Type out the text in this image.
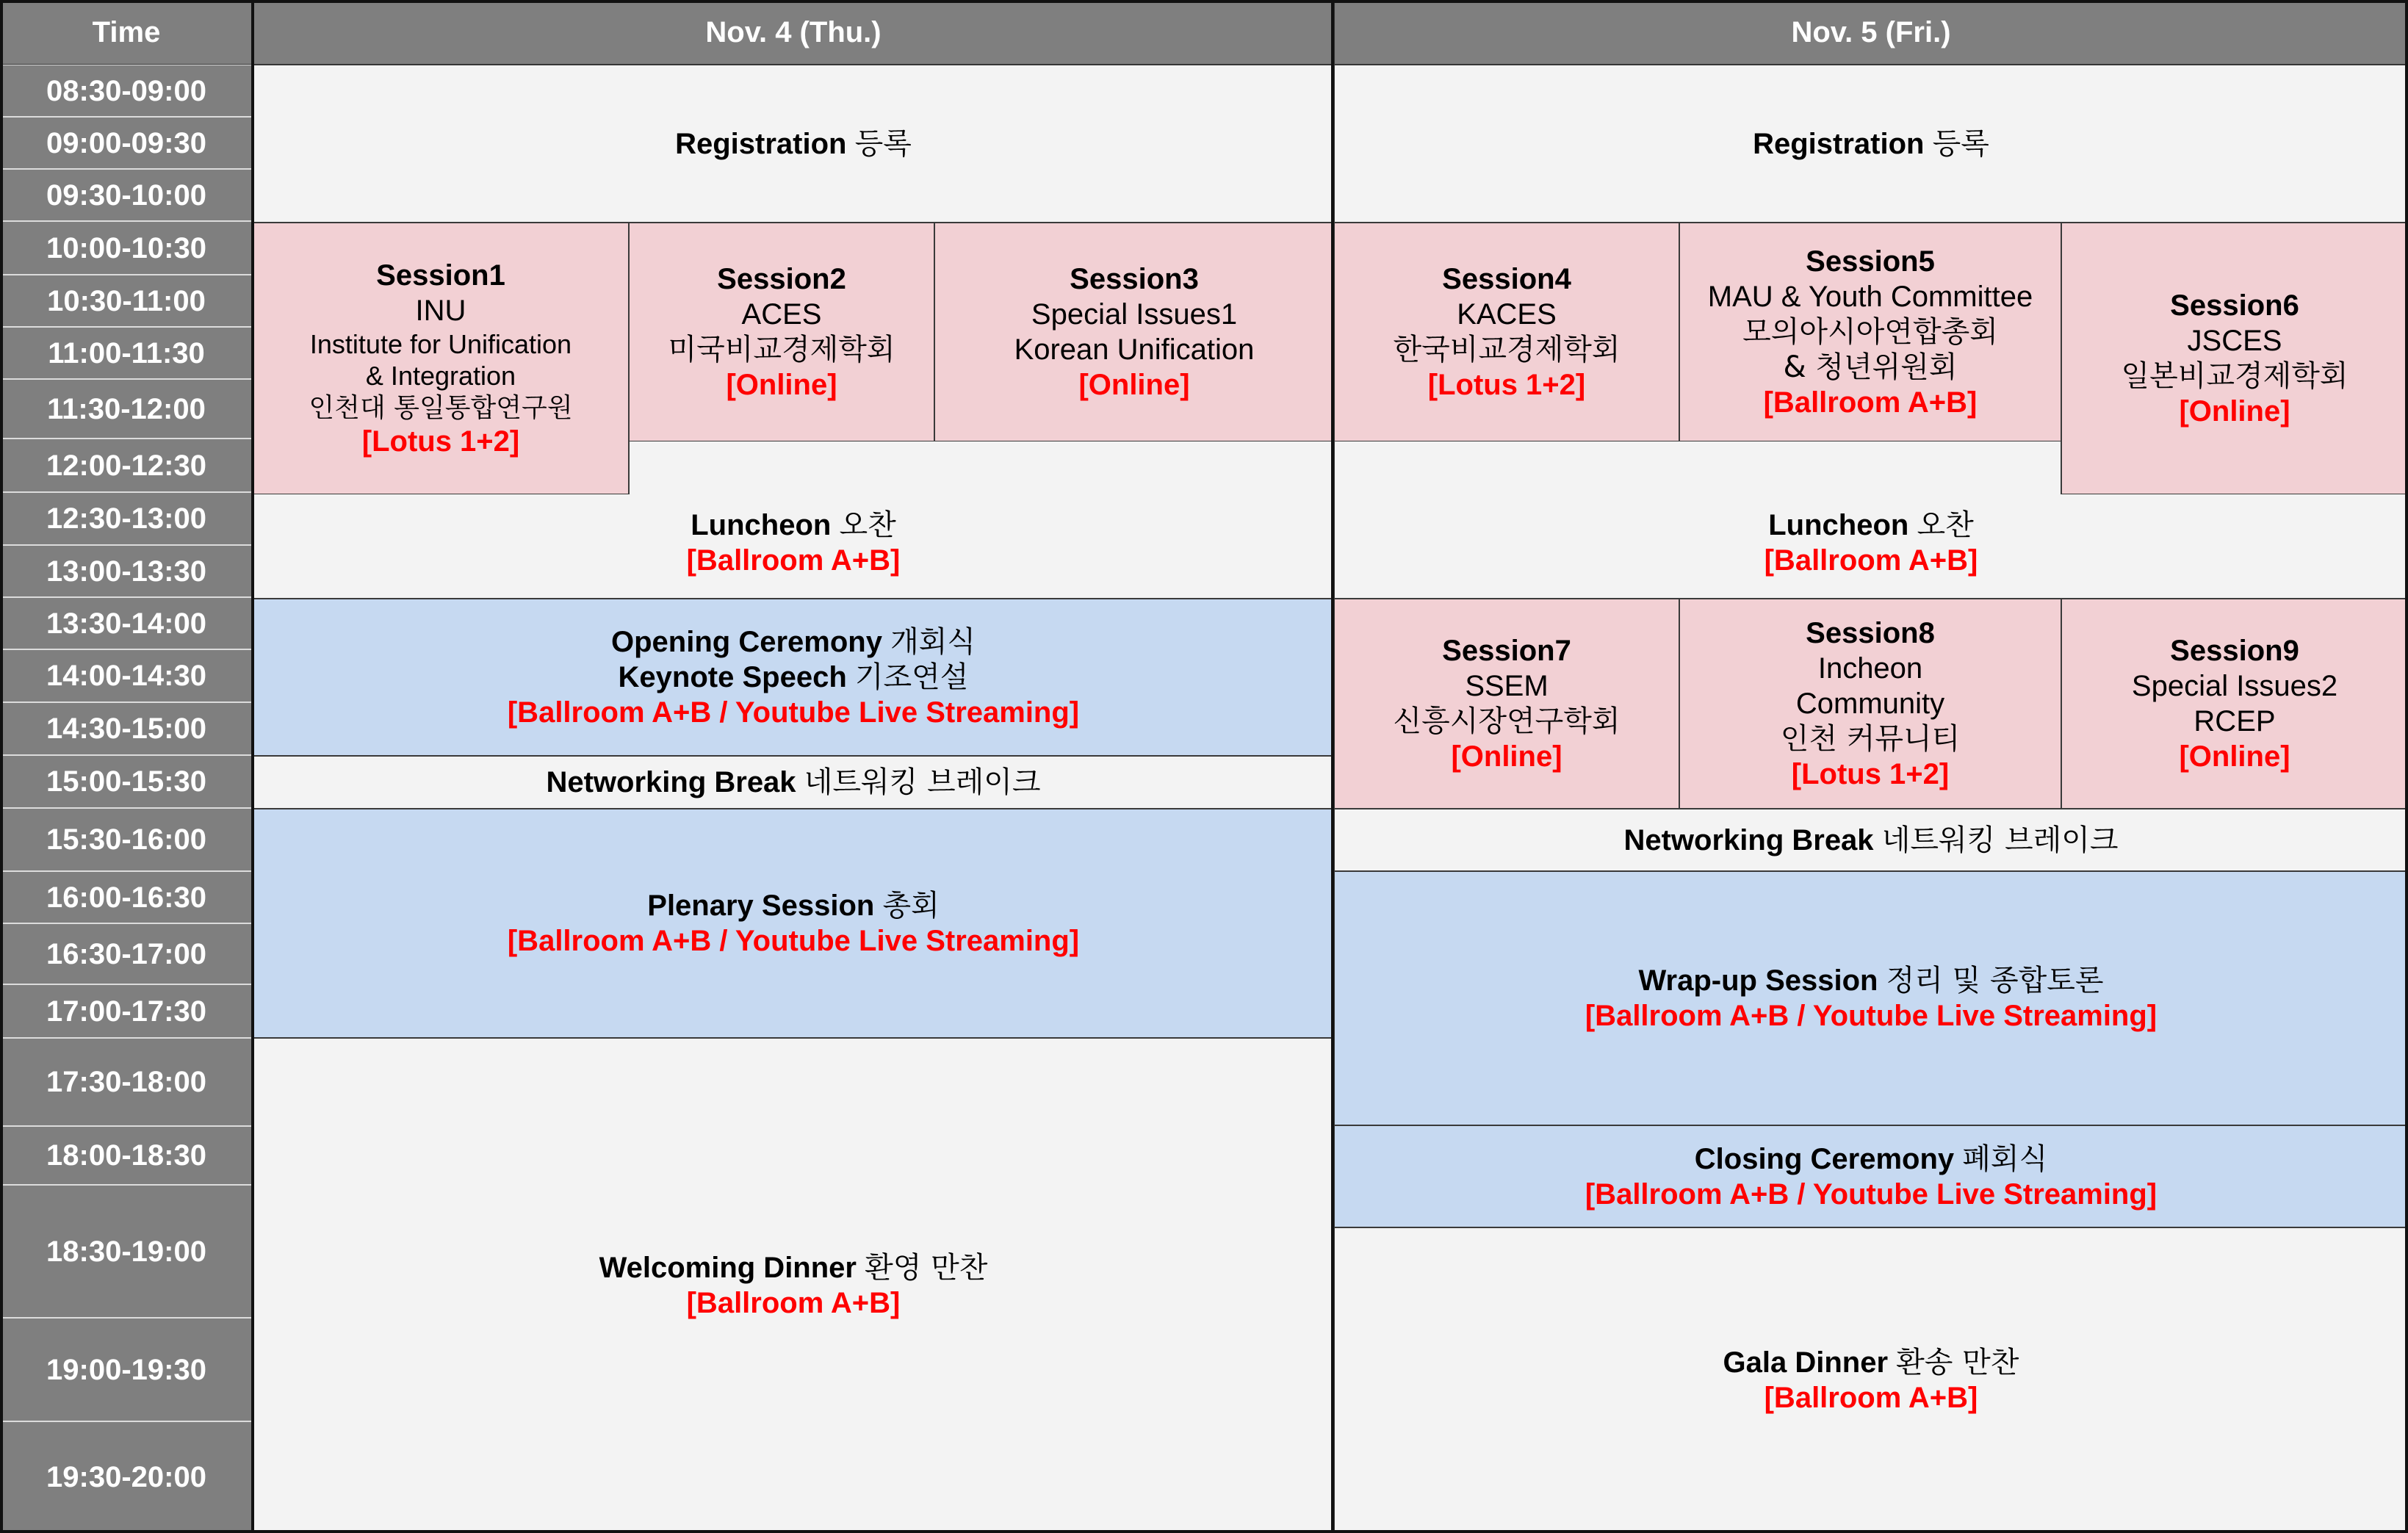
Time	Nov. 4 (Thu.)	Nov. 5 (Fri.)
08:30-09:00
09:00-09:30
09:30-10:00
10:00-10:30
10:30-11:00
11:00-11:30
11:30-12:00
12:00-12:30
12:30-13:00
13:00-13:30
13:30-14:00
14:00-14:30
14:30-15:00
15:00-15:30
15:30-16:00
16:00-16:30
16:30-17:00
17:00-17:30
17:30-18:00
18:00-18:30
18:30-19:00
19:00-19:30
19:30-20:00
Registration 등록
Session1
INU
Institute for Unification
& Integration
인천대 통일통합연구원
[Lotus 1+2]
Session2
ACES
미국비교경제학회
[Online]
Session3
Special Issues1
Korean Unification
[Online]
Luncheon 오찬
[Ballroom A+B]
Opening Ceremony 개회식
Keynote Speech 기조연설
[Ballroom A+B / Youtube Live Streaming]
Networking Break 네트워킹 브레이크
Plenary Session 총회
[Ballroom A+B / Youtube Live Streaming]
Welcoming Dinner 환영 만찬
[Ballroom A+B]
Registration 등록
Session4
KACES
한국비교경제학회
[Lotus 1+2]
Session5
MAU & Youth Committee
모의아시아연합총회
& 청년위원회
[Ballroom A+B]
Session6
JSCES
일본비교경제학회
[Online]
Luncheon 오찬
[Ballroom A+B]
Session7
SSEM
신흥시장연구학회
[Online]
Session8
Incheon
Community
인천 커뮤니티
[Lotus 1+2]
Session9
Special Issues2
RCEP
[Online]
Networking Break 네트워킹 브레이크
Wrap-up Session 정리 및 종합토론
[Ballroom A+B / Youtube Live Streaming]
Closing Ceremony 폐회식
[Ballroom A+B / Youtube Live Streaming]
Gala Dinner 환송 만찬
[Ballroom A+B]
